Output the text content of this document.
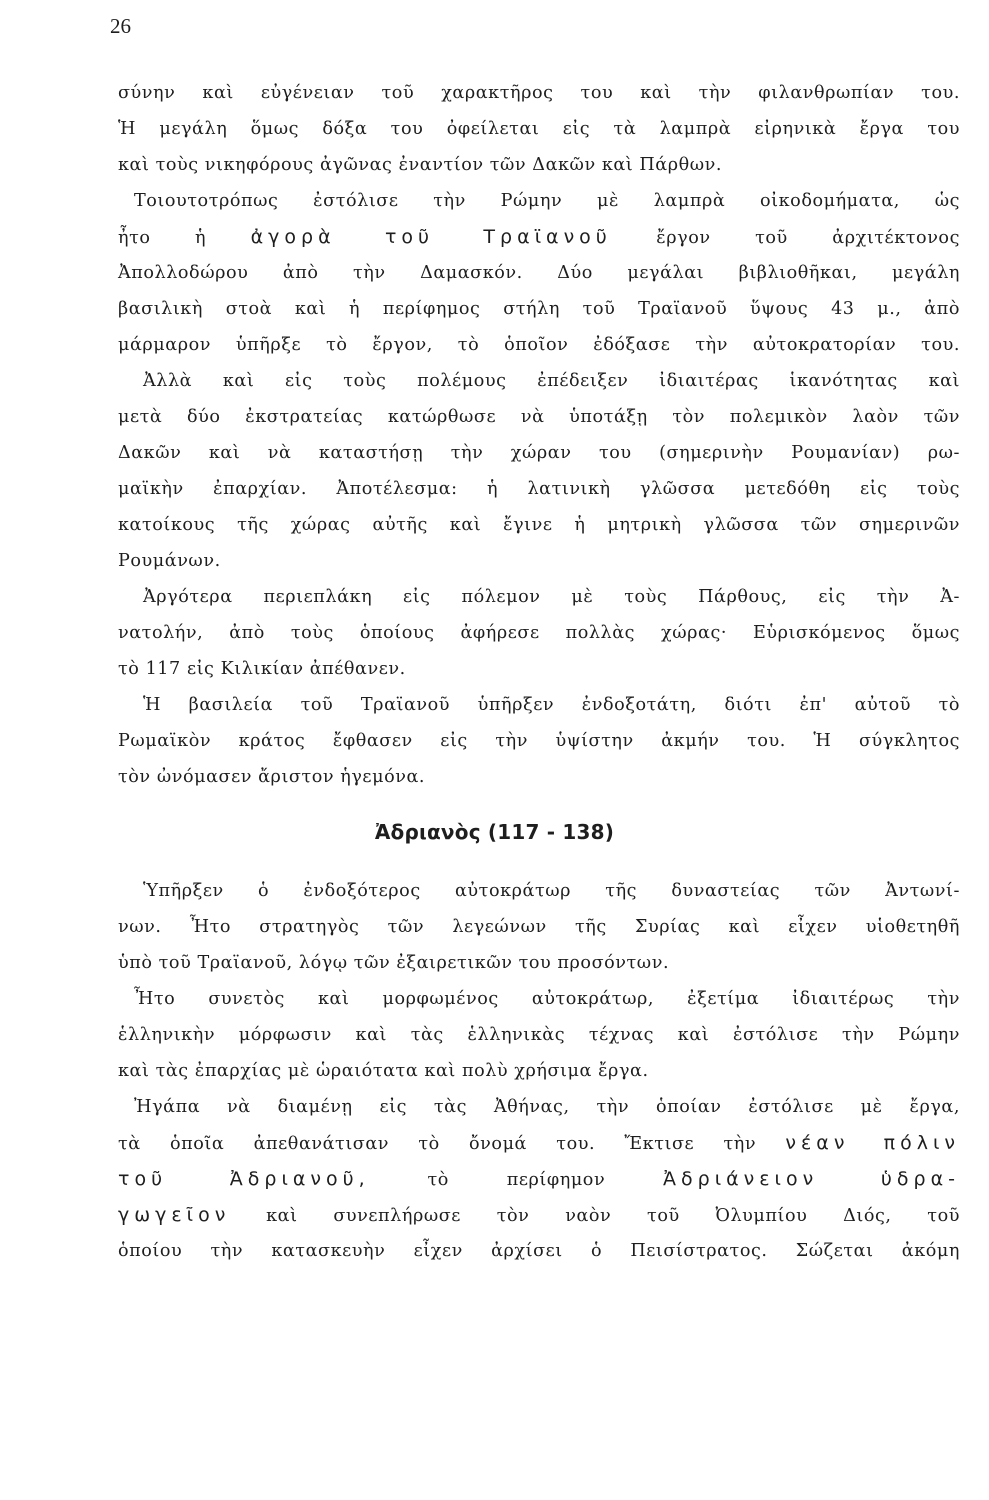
26
σύνην καὶ εὐγένειαν τοῦ χαρακτῆρος του καὶ τὴν φιλανθρωπίαν του.
Ἡ μεγάλη ὅμως δόξα του ὀφείλεται εἰς τὰ λαμπρὰ εἰρηνικὰ ἔργα του
καὶ τοὺς νικηφόρους ἀγῶνας ἐναντίον τῶν Δακῶν καὶ Πάρθων.
Τοιουτοτρόπως ἐστόλισε τὴν Ρώμην μὲ λαμπρὰ οἰκοδομήματα, ὡς
ἦτο ἡ ἀγορὰ τοῦ Τραϊανοῦ	ἔργον τοῦ ἀρχιτέκτονος
Ἀπολλοδώρου ἀπὸ τὴν Δαμασκόν. Δύο μεγάλαι βιβλιοθῆκαι, μεγάλη
βασιλικὴ στοὰ καὶ ἡ περίφημος στήλη τοῦ Τραϊανοῦ ὕψους 43 μ., ἀπὸ
μάρμαρον ὑπῆρξε τὸ ἔργον, τὸ ὁποῖον ἐδόξασε τὴν αὐτοκρατορίαν του.
Ἀλλὰ καὶ εἰς τοὺς πολέμους ἐπέδειξεν ἰδιαιτέρας ἱκανότητας καὶ
μετὰ δύο ἐκστρατείας κατώρθωσε νὰ ὑποτάξῃ τὸν πολεμικὸν λαὸν τῶν
Δακῶν καὶ νὰ καταστήσῃ τὴν χώραν του (σημερινὴν Ρουμανίαν) ρω-
μαϊκὴν ἐπαρχίαν. Ἀποτέλεσμα: ἡ λατινικὴ γλῶσσα μετεδόθη εἰς τοὺς
κατοίκους τῆς χώρας αὐτῆς καὶ ἔγινε ἡ μητρικὴ γλῶσσα τῶν σημερινῶν
Ρουμάνων.
Ἀργότερα περιεπλάκη εἰς πόλεμον μὲ τοὺς Πάρθους, εἰς τὴν Ἀ-
νατολήν, ἀπὸ τοὺς ὁποίους ἀφήρεσε πολλὰς χώρας· Εὑρισκόμενος ὅμως
τὸ 117 εἰς Κιλικίαν ἀπέθανεν.
Ἡ βασιλεία τοῦ Τραϊανοῦ ὑπῆρξεν ἐνδοξοτάτη, διότι ἐπ' αὐτοῦ τὸ
Ρωμαϊκὸν κράτος ἔφθασεν εἰς τὴν ὑψίστην ἀκμήν του. Ἡ σύγκλητος
τὸν ὠνόμασεν ἄριστον ἡγεμόνα.
Ἀδριανὸς (117 - 138)
Ὑπῆρξεν ὁ ἐνδοξότερος αὐτοκράτωρ τῆς δυναστείας τῶν Ἀντωνί-
νων. Ἦτο στρατηγὸς τῶν λεγεώνων τῆς Συρίας καὶ εἶχεν υἱοθετηθῆ
ὑπὸ τοῦ Τραϊανοῦ, λόγῳ τῶν ἐξαιρετικῶν του προσόντων.
Ἦτο συνετὸς καὶ μορφωμένος αὐτοκράτωρ, ἐξετίμα ἰδιαιτέρως τὴν
ἑλληνικὴν μόρφωσιν καὶ τὰς ἑλληνικὰς τέχνας καὶ ἐστόλισε τὴν Ρώμην
καὶ τὰς ἐπαρχίας μὲ ὡραιότατα καὶ πολὺ χρήσιμα ἔργα.
Ἠγάπα νὰ διαμένῃ εἰς τὰς Ἀθήνας, τὴν ὁποίαν ἐστόλισε μὲ ἔργα,
τὰ ὁποῖα ἀπεθανάτισαν τὸ ὄνομά του. Ἔκτισε τὴν νέαν πόλιν
τοῦ Ἀδριανοῦ,	τὸ περίφημον	Ἀδριάνειον ὑδρα-
γωγεῖον καὶ συνεπλήρωσε τὸν ναὸν τοῦ Ὀλυμπίου Διός, τοῦ
ὁποίου τὴν κατασκευὴν εἶχεν ἀρχίσει ὁ Πεισίστρατος. Σώζεται ἀκόμη
